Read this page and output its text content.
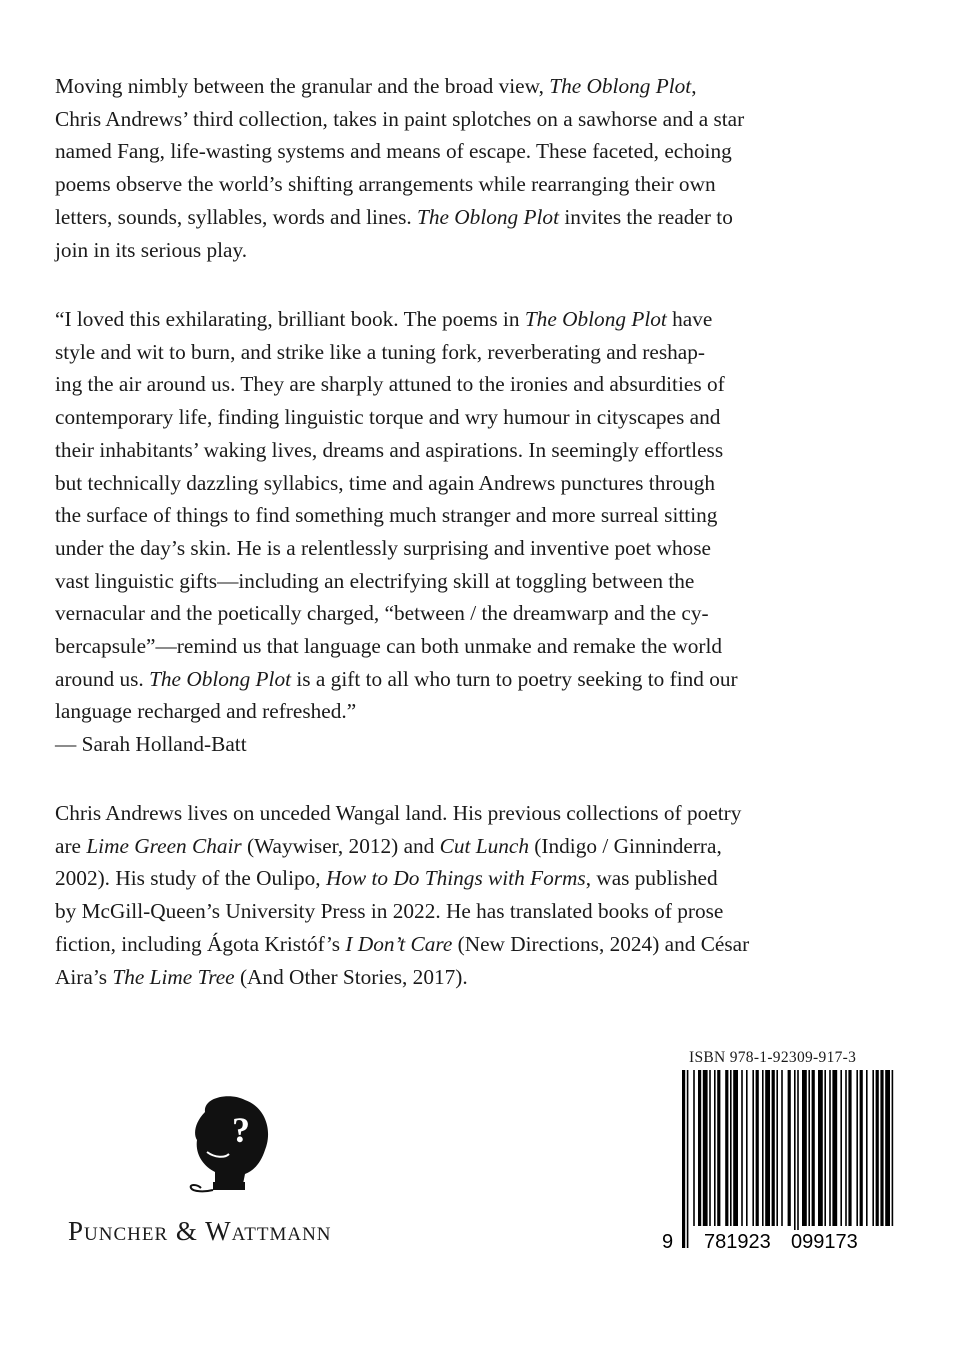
Moving nimbly between the granular and the broad view, The Oblong Plot,
Chris Andrews’ third collection, takes in paint splotches on a sawhorse and a star
named Fang, life-wasting systems and means of escape. These faceted, echoing
poems observe the world’s shifting arrangements while rearranging their own
letters, sounds, syllables, words and lines. The Oblong Plot invites the reader to
join in its serious play.
“I loved this exhilarating, brilliant book. The poems in The Oblong Plot have
style and wit to burn, and strike like a tuning fork, reverberating and reshap-
ing the air around us. They are sharply attuned to the ironies and absurdities of
contemporary life, finding linguistic torque and wry humour in cityscapes and
their inhabitants’ waking lives, dreams and aspirations. In seemingly effortless
but technically dazzling syllabics, time and again Andrews punctures through
the surface of things to find something much stranger and more surreal sitting
under the day’s skin. He is a relentlessly surprising and inventive poet whose
vast linguistic gifts—including an electrifying skill at toggling between the
vernacular and the poetically charged, “between / the dreamwarp and the cy-
bercapsule”—remind us that language can both unmake and remake the world
around us. The Oblong Plot is a gift to all who turn to poetry seeking to find our
language recharged and refreshed.”
— Sarah Holland-Batt
Chris Andrews lives on unceded Wangal land. His previous collections of poetry
are Lime Green Chair (Waywiser, 2012) and Cut Lunch (Indigo / Ginninderra,
2002). His study of the Oulipo, How to Do Things with Forms, was published
by McGill-Queen’s University Press in 2022. He has translated books of prose
fiction, including Ágota Kristóf’s I Don’t Care (New Directions, 2024) and César
Aira’s The Lime Tree (And Other Stories, 2017).
?
Puncher & Wattmann
ISBN 978-1-92309-917-3
9 781923 099173
